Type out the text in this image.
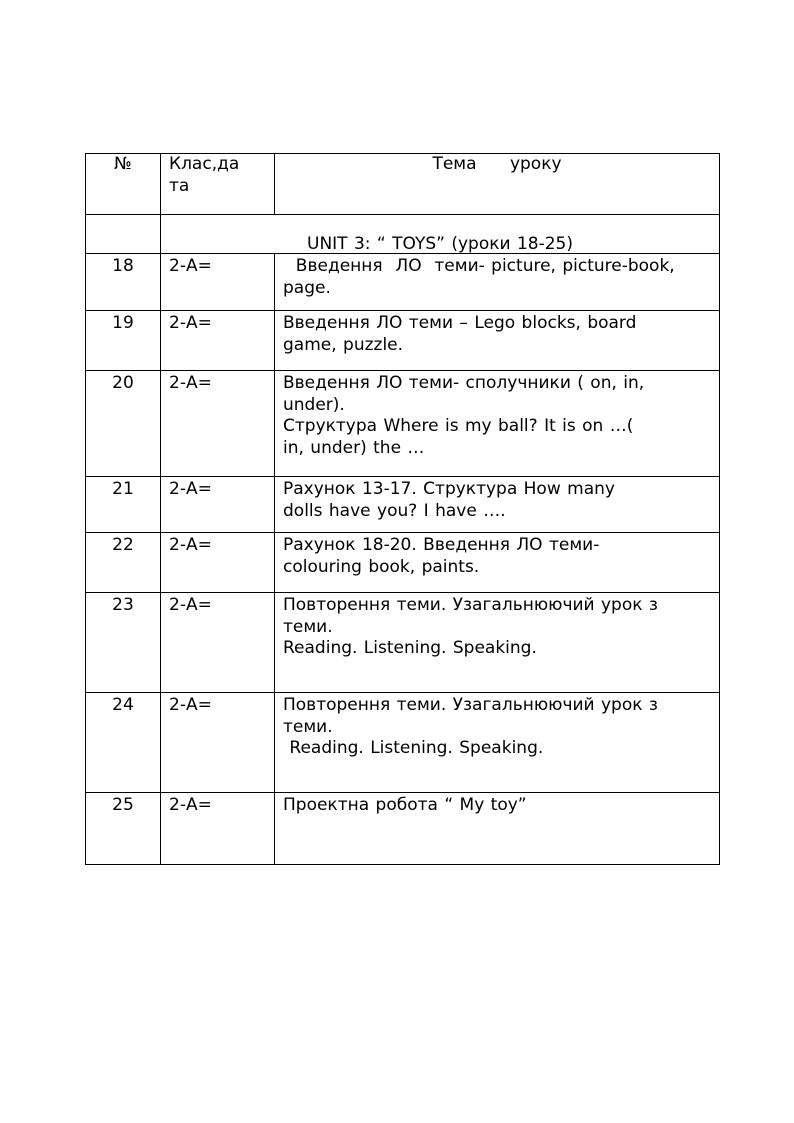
№	Клас,дата	Тема уроку

	UNIT 3: “ TOYS” (уроки 18-25)	

18	2-А=	Введення  ЛО  теми- picture, picture-book,
page.

19	2-А=	Введення ЛО теми – Lego blocks, board
game, puzzle.

20	2-А=	Введення ЛО теми- сполучники ( on, in,
under).
Структура Where is my ball? It is on …(
in, under) the …

21	2-А=	Рахунок 13-17. Структура How many
dolls have you? I have ….

22	2-А=	Рахунок 18-20. Введення ЛО теми-
colouring book, paints.

23	2-А=	Повторення теми. Узагальнюючий урок з
теми.
Reading. Listening. Speaking.

24	2-А=	Повторення теми. Узагальнюючий урок з
теми.
Reading. Listening. Speaking.

25	2-А=	Проектна робота “ My toy”
